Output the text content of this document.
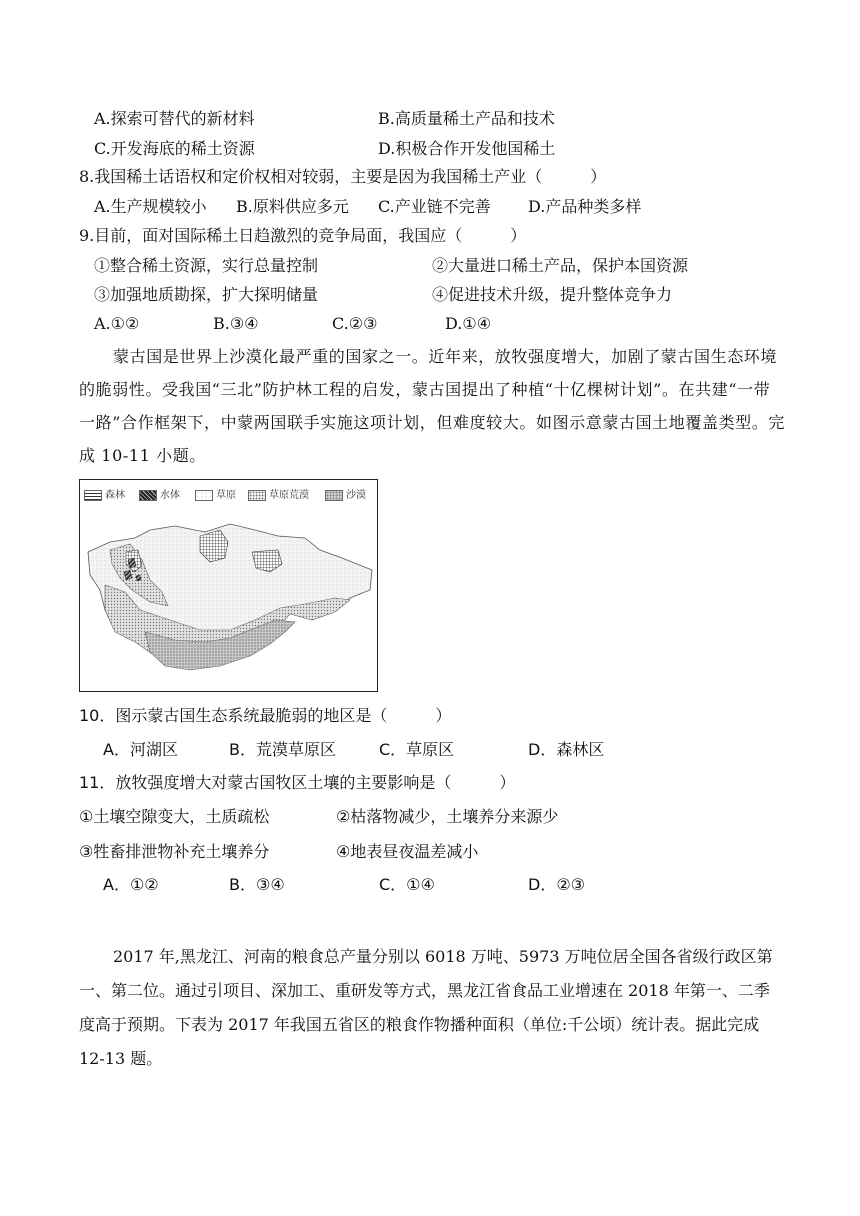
A.探索可替代的新材料	B.高质量稀土产品和技术
C.开发海底的稀土资源	D.积极合作开发他国稀土
8.我国稀土话语权和定价权相对较弱，主要是因为我国稀土产业（　　　）
A.生产规模较小 B.原料供应多元 C.产业链不完善 D.产品种类多样
9.目前，面对国际稀土日趋激烈的竞争局面，我国应（　　　）
①整合稀土资源，实行总量控制	②大量进口稀土产品，保护本国资源
③加强地质勘探，扩大探明储量	④促进技术升级，提升整体竞争力
A.①②	B.③④	C.②③	D.①④
蒙古国是世界上沙漠化最严重的国家之一。近年来，放牧强度增大，加剧了蒙古国生态环境的脆弱性。受我国“三北”防护林工程的启发，蒙古国提出了种植“十亿棵树计划”。在共建“一带一路”合作框架下，中蒙两国联手实施这项计划，但难度较大。如图示意蒙古国土地覆盖类型。完成 10-11 小题。
森林	水体	草原	草原荒漠	沙漠
10．图示蒙古国生态系统最脆弱的地区是（　　　）
A．河湖区	B．荒漠草原区	C．草原区	D．森林区
11．放牧强度增大对蒙古国牧区土壤的主要影响是（　　　）
①土壤空隙变大，土质疏松	②枯落物减少，土壤养分来源少
③牲畜排泄物补充土壤养分	④地表昼夜温差减小
A．①②	B．③④	C．①④	D．②③
2017 年,黑龙江、河南的粮食总产量分别以 6018 万吨、5973 万吨位居全国各省级行政区第一、第二位。通过引项目、深加工、重研发等方式，黑龙江省食品工业增速在 2018 年第一、二季度高于预期。下表为 2017 年我国五省区的粮食作物播种面积（单位:千公顷）统计表。据此完成 12-13 题。
